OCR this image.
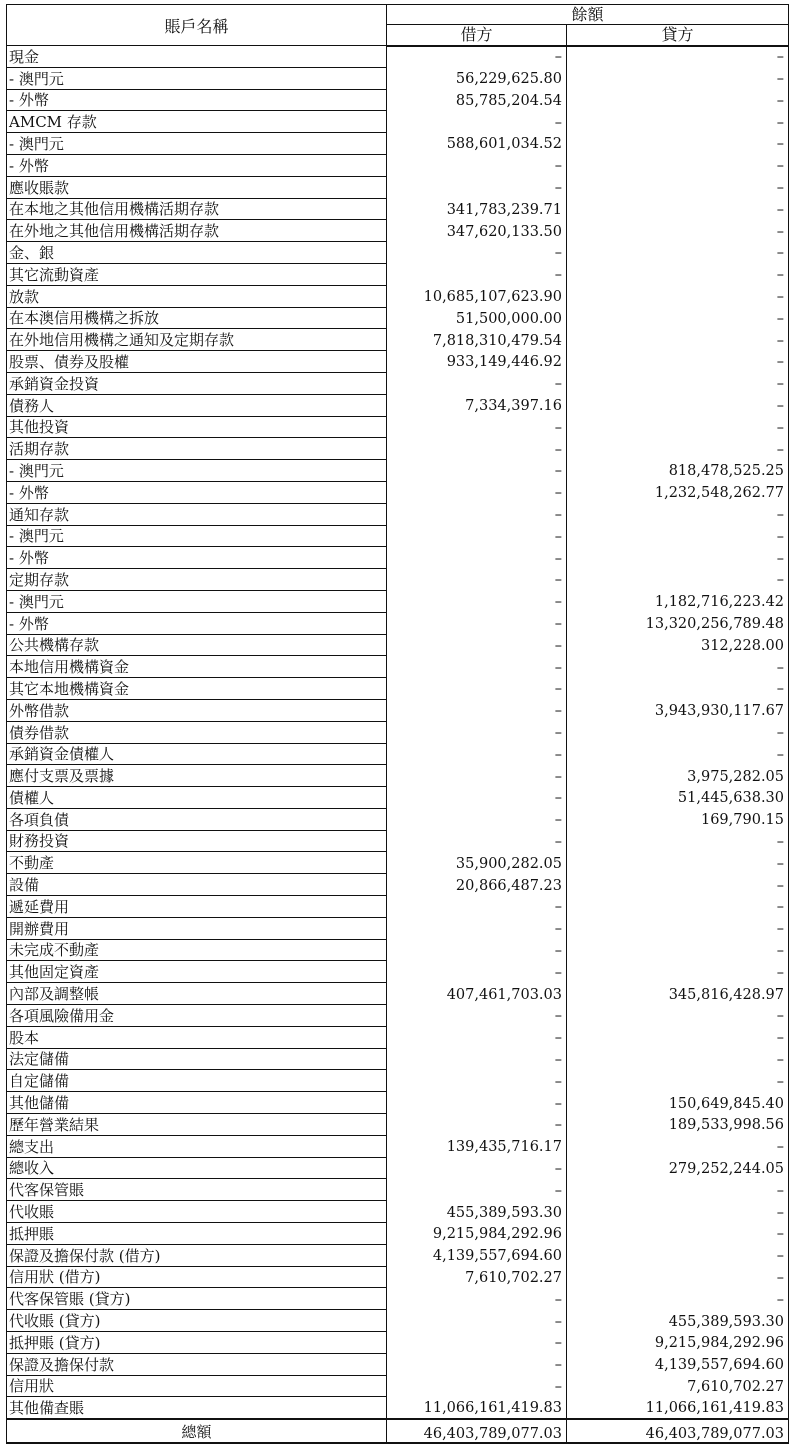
賬戶名稱	餘額	
	借方	貸方
現金	–	–
- 澳門元	56,229,625.80	–
- 外幣	85,785,204.54	–
AMCM 存款	–	–
- 澳門元	588,601,034.52	–
- 外幣	–	–
應收賬款	–	–
在本地之其他信用機構活期存款	341,783,239.71	–
在外地之其他信用機構活期存款	347,620,133.50	–
金、銀	–	–
其它流動資產	–	–
放款	10,685,107,623.90	–
在本澳信用機構之拆放	51,500,000.00	–
在外地信用機構之通知及定期存款	7,818,310,479.54	–
股票、債券及股權	933,149,446.92	–
承銷資金投資	–	–
債務人	7,334,397.16	–
其他投資	–	–
活期存款	–	–
- 澳門元	–	818,478,525.25
- 外幣	–	1,232,548,262.77
通知存款	–	–
- 澳門元	–	–
- 外幣	–	–
定期存款	–	–
- 澳門元	–	1,182,716,223.42
- 外幣	–	13,320,256,789.48
公共機構存款	–	312,228.00
本地信用機構資金	–	–
其它本地機構資金	–	–
外幣借款	–	3,943,930,117.67
債券借款	–	–
承銷資金債權人	–	–
應付支票及票據	–	3,975,282.05
債權人	–	51,445,638.30
各項負債	–	169,790.15
財務投資	–	–
不動產	35,900,282.05	–
設備	20,866,487.23	–
遞延費用	–	–
開辦費用	–	–
未完成不動產	–	–
其他固定資產	–	–
內部及調整帳	407,461,703.03	345,816,428.97
各項風險備用金	–	–
股本	–	–
法定儲備	–	–
自定儲備	–	–
其他儲備	–	150,649,845.40
歷年營業結果	–	189,533,998.56
總支出	139,435,716.17	–
總收入	–	279,252,244.05
代客保管賬	–	–
代收賬	455,389,593.30	–
抵押賬	9,215,984,292.96	–
保證及擔保付款 (借方)	4,139,557,694.60	–
信用狀 (借方)	7,610,702.27	–
代客保管賬 (貸方)	–	–
代收賬 (貸方)	–	455,389,593.30
抵押賬 (貸方)	–	9,215,984,292.96
保證及擔保付款	–	4,139,557,694.60
信用狀	–	7,610,702.27
其他備查賬	11,066,161,419.83	11,066,161,419.83
總額	46,403,789,077.03	46,403,789,077.03
